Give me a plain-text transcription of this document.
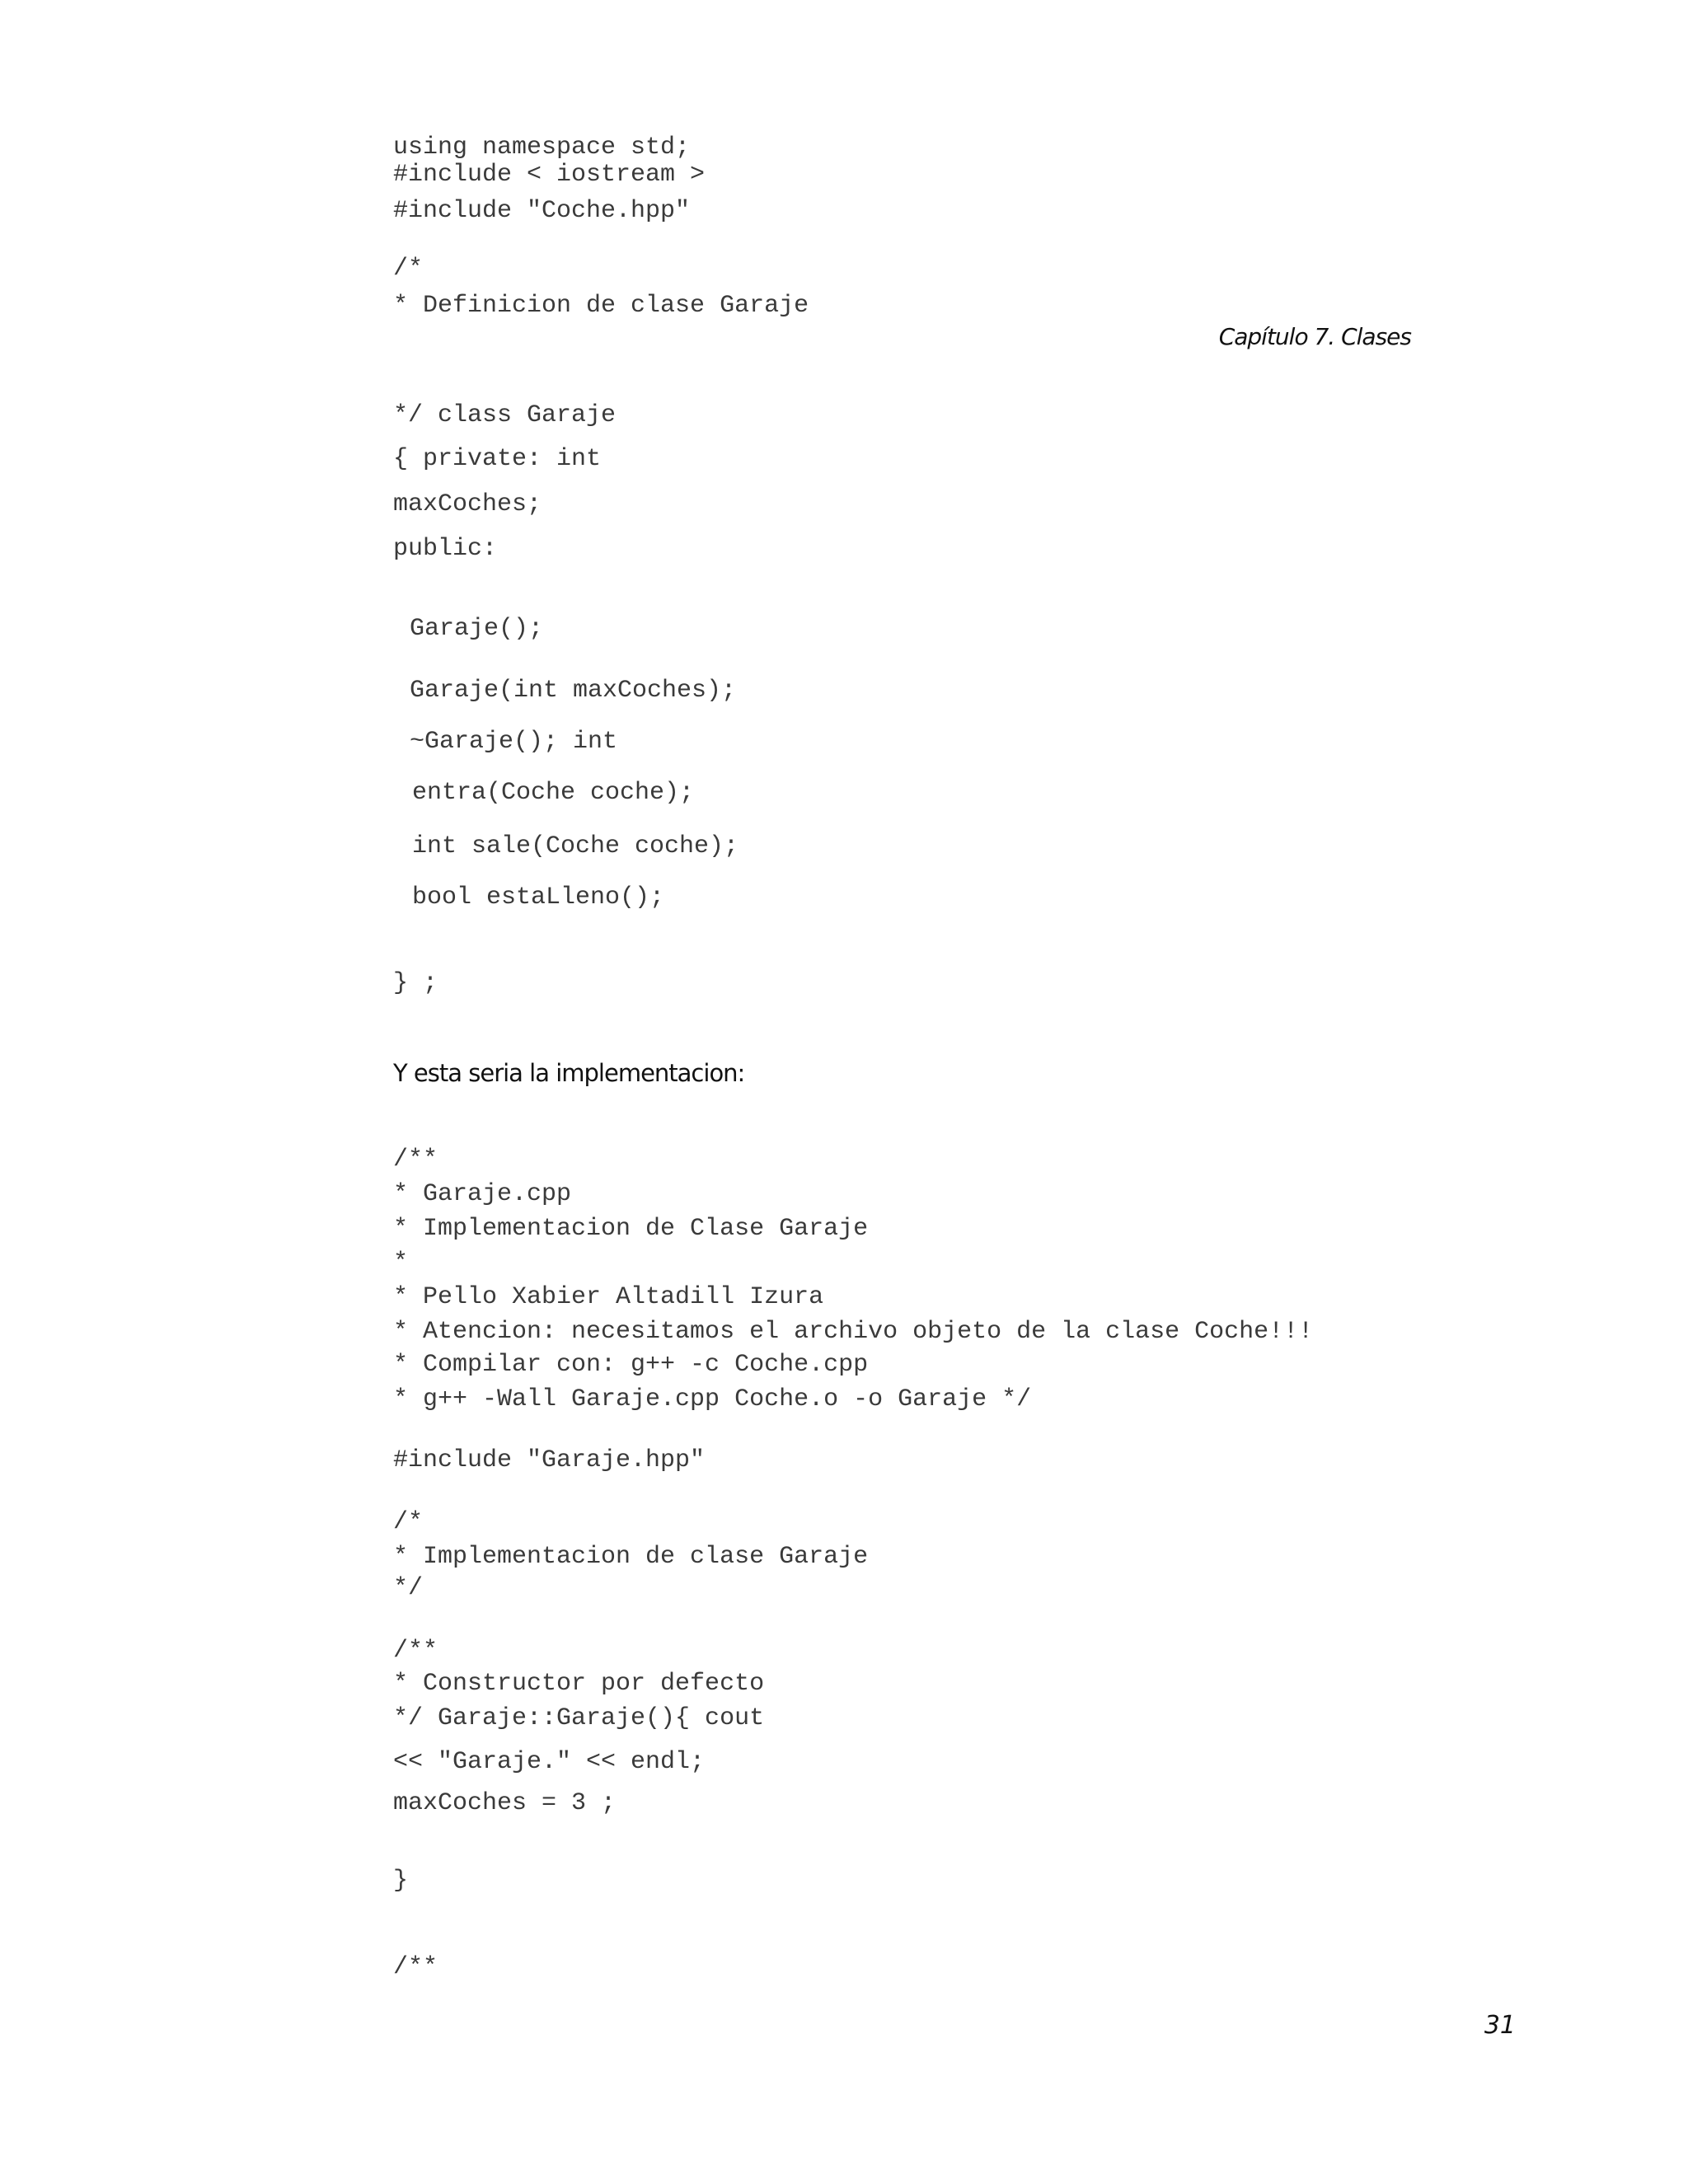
Capítulo 7. Clases
using namespace std;
#include < iostream >
#include "Coche.hpp"
/*
* Definicion de clase Garaje
*/ class Garaje
{ private: int
maxCoches;
public:
Garaje();
Garaje(int maxCoches);
~Garaje(); int
entra(Coche coche);
int sale(Coche coche);
bool estaLleno();
} ;
Y esta seria la implementacion:
/**
* Garaje.cpp
* Implementacion de Clase Garaje
*
* Pello Xabier Altadill Izura
* Atencion: necesitamos el archivo objeto de la clase Coche!!!
* Compilar con: g++ -c Coche.cpp
* g++ -Wall Garaje.cpp Coche.o -o Garaje */
#include "Garaje.hpp"
/*
* Implementacion de clase Garaje
*/
/**
* Constructor por defecto
*/ Garaje::Garaje(){ cout
<< "Garaje." << endl;
maxCoches = 3 ;
}
/**
31
